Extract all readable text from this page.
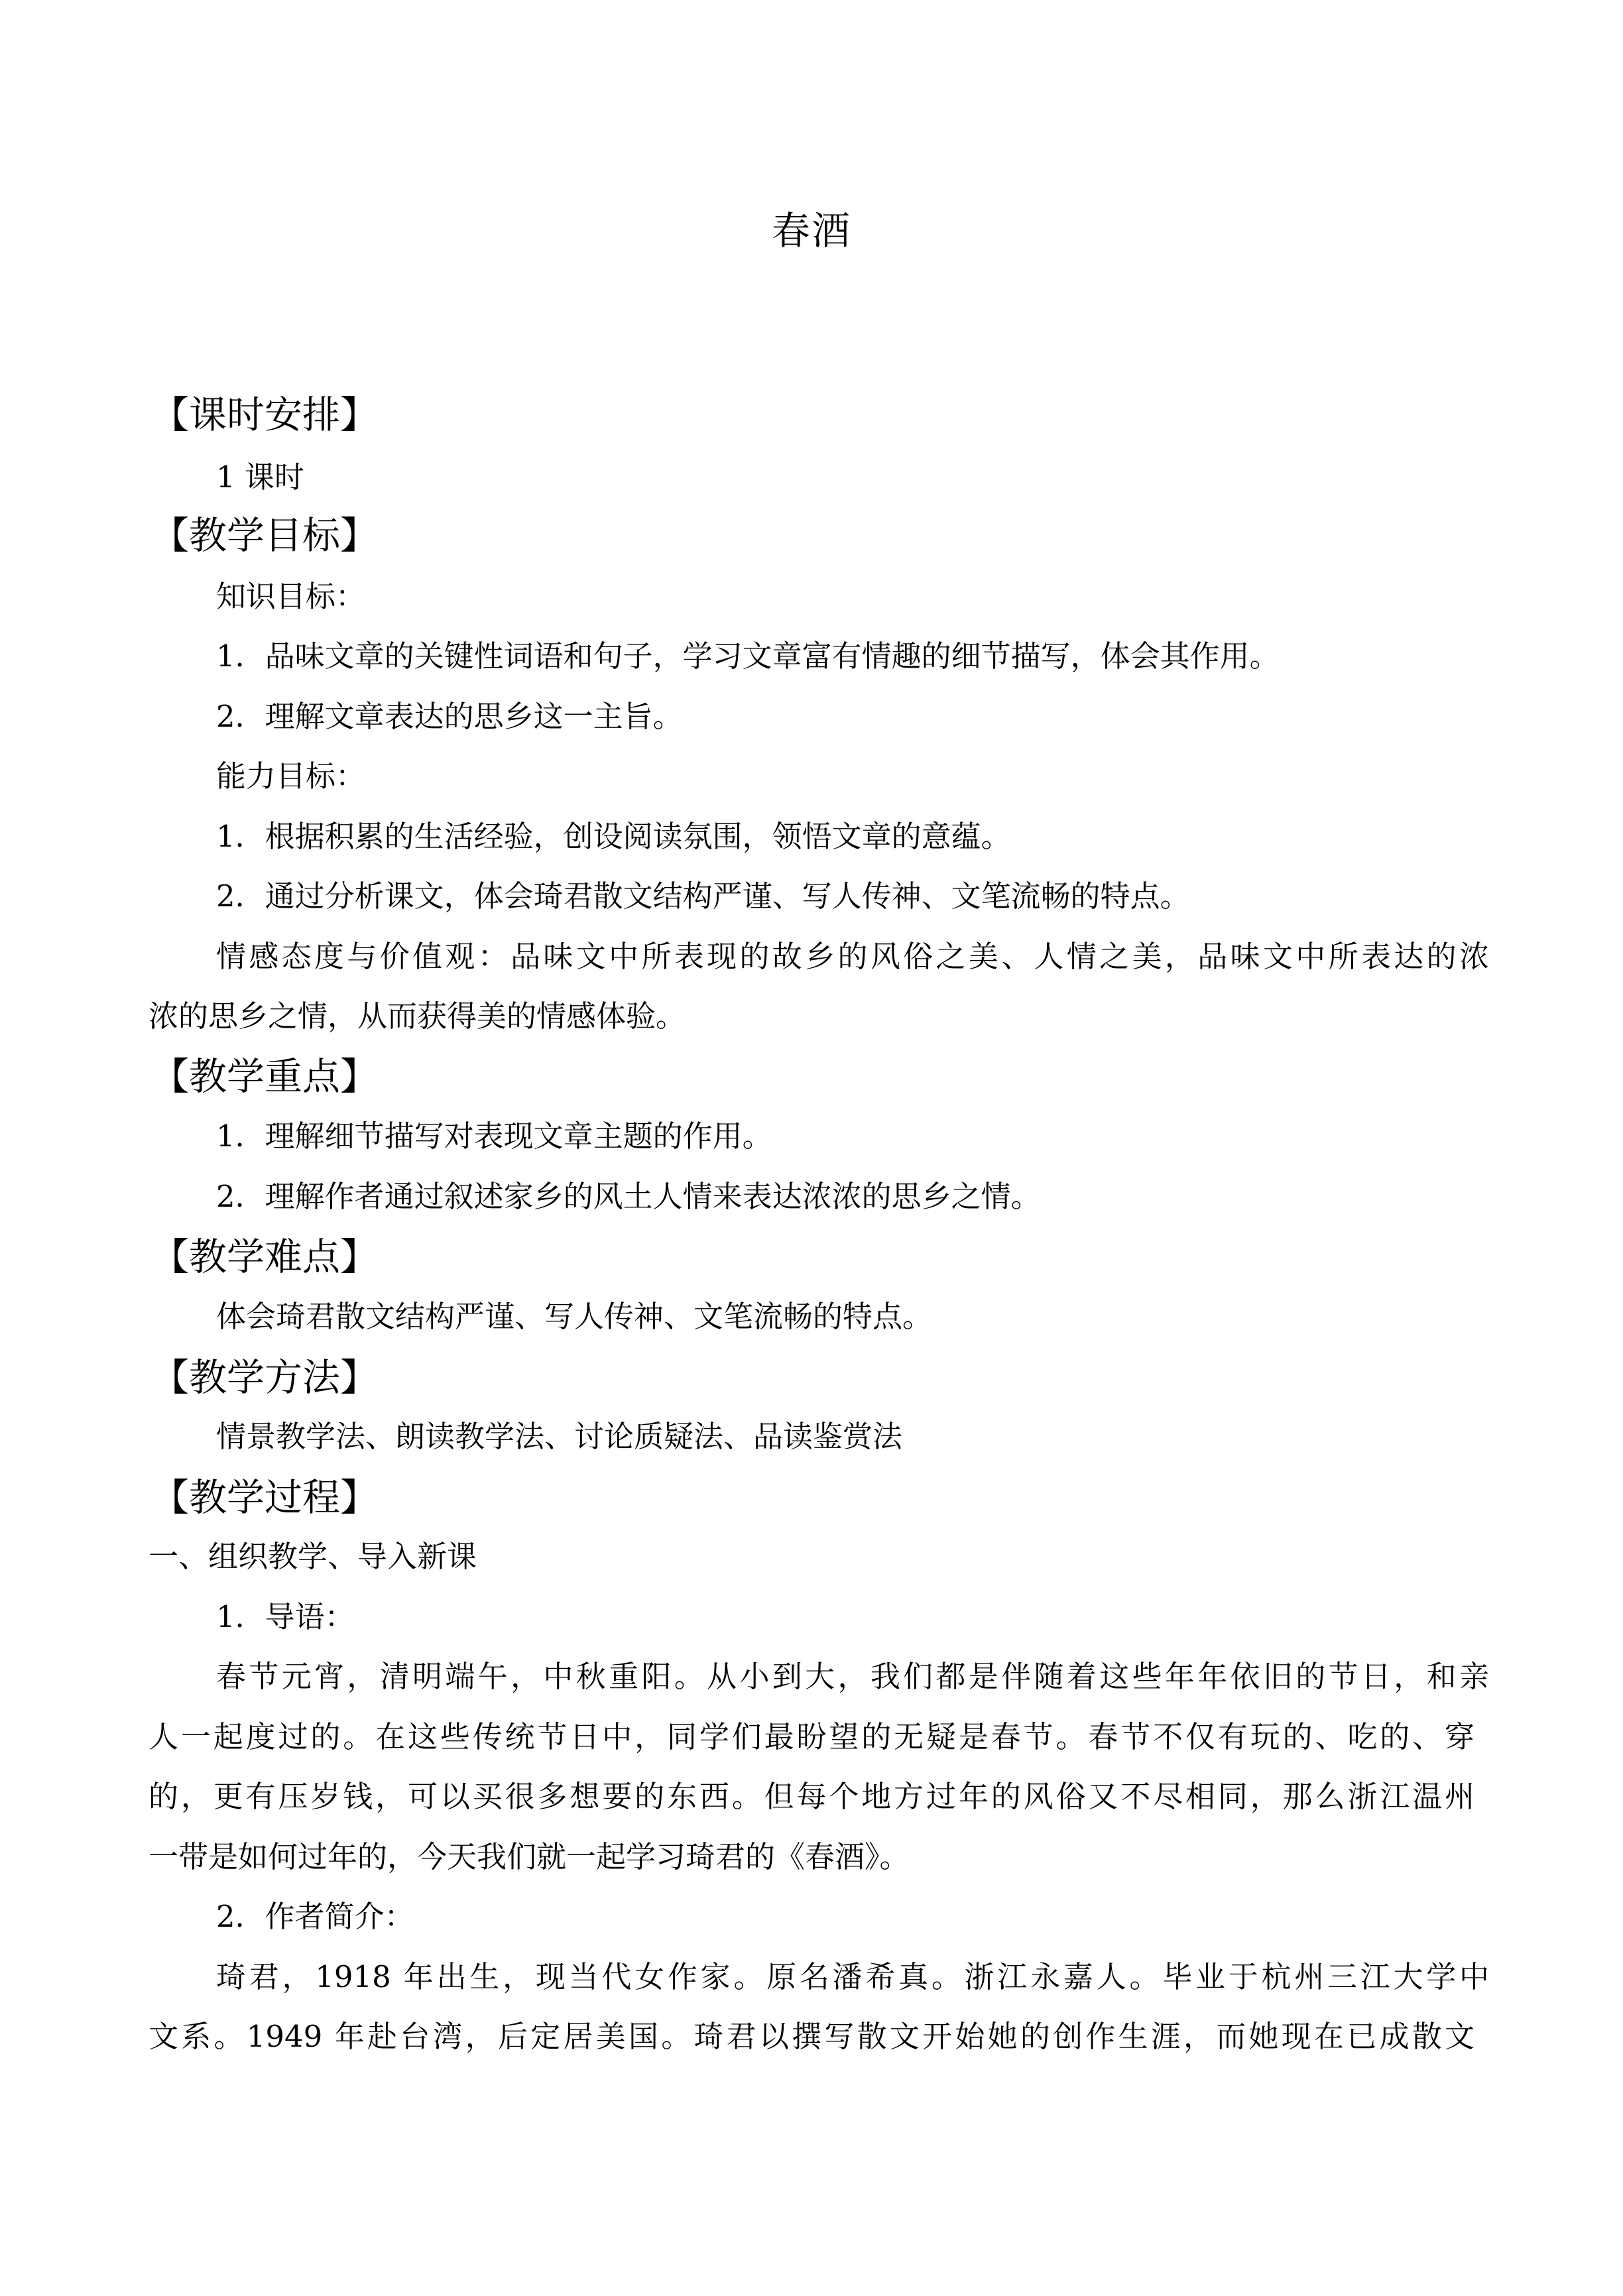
春酒
【课时安排】
1 课时
【教学目标】
知识目标：
1．品味文章的关键性词语和句子，学习文章富有情趣的细节描写，体会其作用。
2．理解文章表达的思乡这一主旨。
能力目标：
1．根据积累的生活经验，创设阅读氛围，领悟文章的意蕴。
2．通过分析课文，体会琦君散文结构严谨、写人传神、文笔流畅的特点。
情感态度与价值观：品味文中所表现的故乡的风俗之美、人情之美，品味文中所表达的浓
浓的思乡之情，从而获得美的情感体验。
【教学重点】
1．理解细节描写对表现文章主题的作用。
2．理解作者通过叙述家乡的风土人情来表达浓浓的思乡之情。
【教学难点】
体会琦君散文结构严谨、写人传神、文笔流畅的特点。
【教学方法】
情景教学法、朗读教学法、讨论质疑法、品读鉴赏法
【教学过程】
一、组织教学、导入新课
1．导语：
春节元宵，清明端午，中秋重阳。从小到大，我们都是伴随着这些年年依旧的节日，和亲
人一起度过的。在这些传统节日中，同学们最盼望的无疑是春节。春节不仅有玩的、吃的、穿
的，更有压岁钱，可以买很多想要的东西。但每个地方过年的风俗又不尽相同，那么浙江温州
一带是如何过年的，今天我们就一起学习琦君的《春酒》。
2．作者简介：
琦君，1918 年出生，现当代女作家。原名潘希真。浙江永嘉人。毕业于杭州三江大学中
文系。1949 年赴台湾，后定居美国。琦君以撰写散文开始她的创作生涯，而她现在已成散文
